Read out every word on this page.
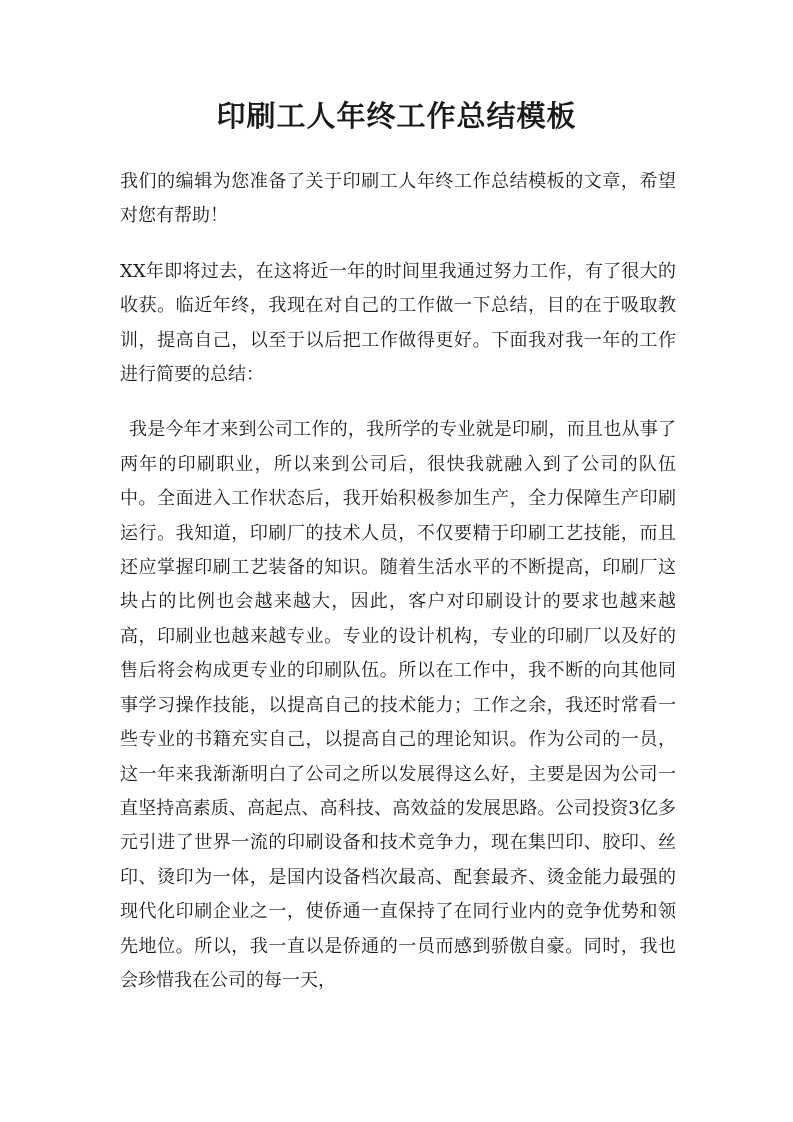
印刷工人年终工作总结模板

我们的编辑为您准备了关于印刷工人年终工作总结模板的文章，希望对您有帮助！

XX年即将过去，在这将近一年的时间里我通过努力工作，有了很大的收获。临近年终，我现在对自己的工作做一下总结，目的在于吸取教训，提高自己，以至于以后把工作做得更好。下面我对我一年的工作进行简要的总结：

我是今年才来到公司工作的，我所学的专业就是印刷，而且也从事了两年的印刷职业，所以来到公司后，很快我就融入到了公司的队伍中。全面进入工作状态后，我开始积极参加生产，全力保障生产印刷运行。我知道，印刷厂的技术人员，不仅要精于印刷工艺技能，而且还应掌握印刷工艺装备的知识。随着生活水平的不断提高，印刷厂这块占的比例也会越来越大，因此，客户对印刷设计的要求也越来越高，印刷业也越来越专业。专业的设计机构，专业的印刷厂以及好的售后将会构成更专业的印刷队伍。所以在工作中，我不断的向其他同事学习操作技能，以提高自己的技术能力；工作之余，我还时常看一些专业的书籍充实自己，以提高自己的理论知识。作为公司的一员，这一年来我渐渐明白了公司之所以发展得这么好，主要是因为公司一直坚持高素质、高起点、高科技、高效益的发展思路。公司投资3亿多元引进了世界一流的印刷设备和技术竞争力，现在集凹印、胶印、丝印、烫印为一体，是国内设备档次最高、配套最齐、烫金能力最强的现代化印刷企业之一，使侨通一直保持了在同行业内的竞争优势和领先地位。所以，我一直以是侨通的一员而感到骄傲自豪。同时，我也会珍惜我在公司的每一天，
